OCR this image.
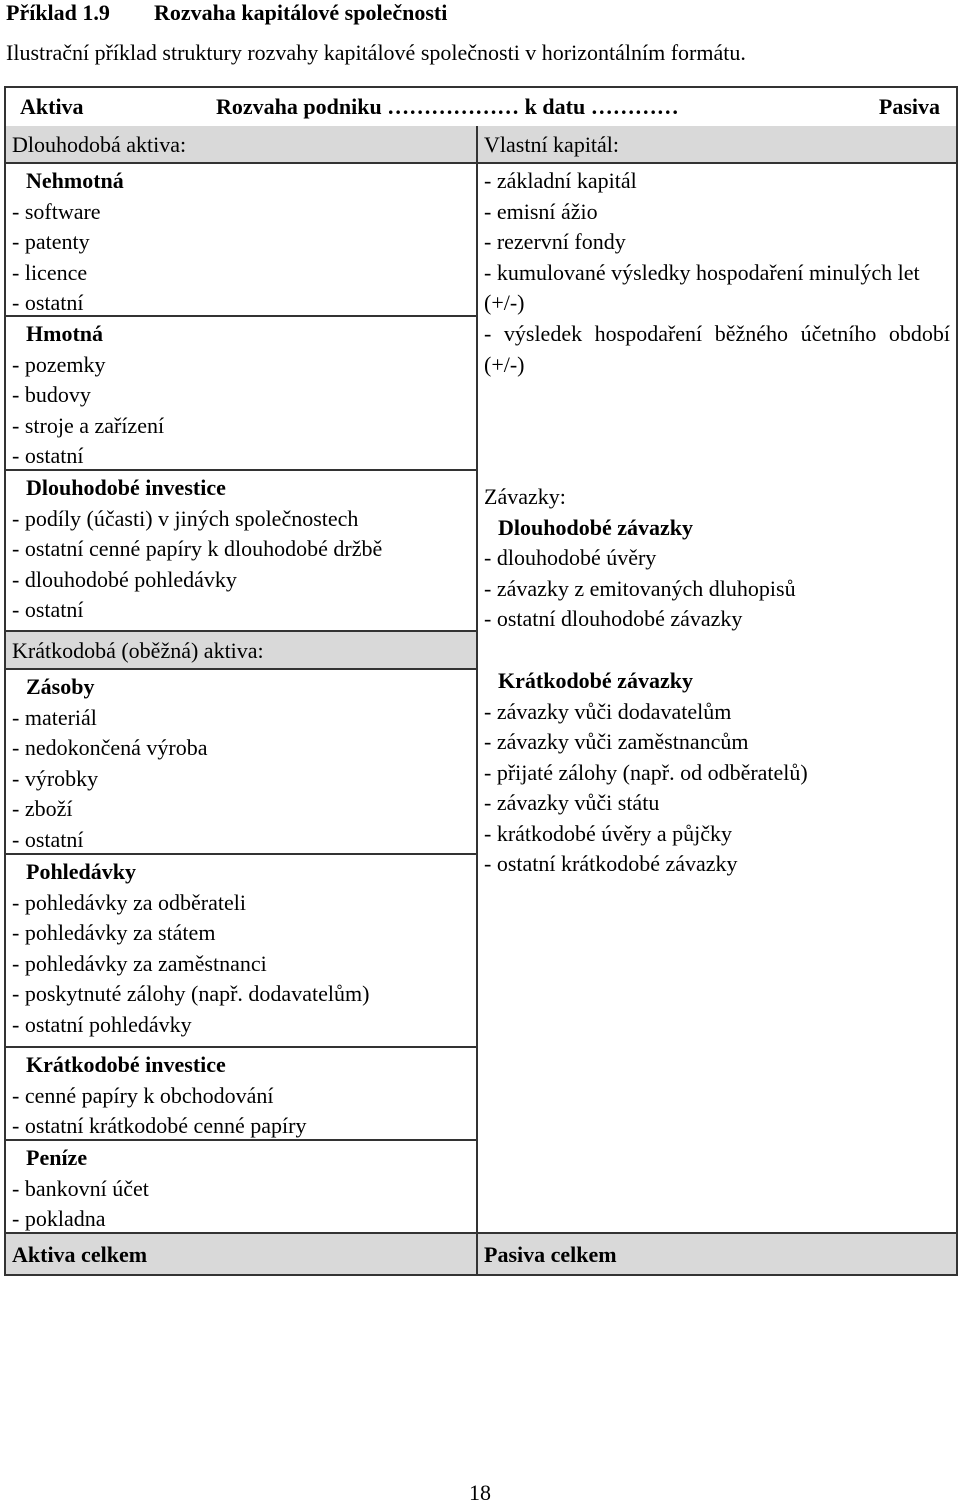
Příklad 1.9 Rozvaha kapitálové společnosti
Ilustrační příklad struktury rozvahy kapitálové společnosti v horizontálním formátu.
Aktiva	Rozvaha podniku ……………… k datu …………	Pasiva
Dlouhodobá aktiva:
Nehmotná
- software
- patenty
- licence
- ostatní
Hmotná
- pozemky
- budovy
- stroje a zařízení
- ostatní
Dlouhodobé investice
- podíly (účasti) v jiných společnostech
- ostatní cenné papíry k dlouhodobé držbě
- dlouhodobé pohledávky
- ostatní
Krátkodobá (oběžná) aktiva:
Zásoby
- materiál
- nedokončená výroba
- výrobky
- zboží
- ostatní
Pohledávky
- pohledávky za odběrateli
- pohledávky za státem
- pohledávky za zaměstnanci
- poskytnuté zálohy (např. dodavatelům)
- ostatní pohledávky
Krátkodobé investice
- cenné papíry k obchodování
- ostatní krátkodobé cenné papíry
Peníze
- bankovní účet
- pokladna
Aktiva celkem
Vlastní kapitál:
- základní kapitál
- emisní ážio
- rezervní fondy
- kumulované výsledky hospodaření minulých let (+/-)
- výsledek hospodaření běžného účetního období (+/-)
Závazky:
Dlouhodobé závazky
- dlouhodobé úvěry
- závazky z emitovaných dluhopisů
- ostatní dlouhodobé závazky
Krátkodobé závazky
- závazky vůči dodavatelům
- závazky vůči zaměstnancům
- přijaté zálohy (např. od odběratelů)
- závazky vůči státu
- krátkodobé úvěry a půjčky
- ostatní krátkodobé závazky
Pasiva celkem
18
